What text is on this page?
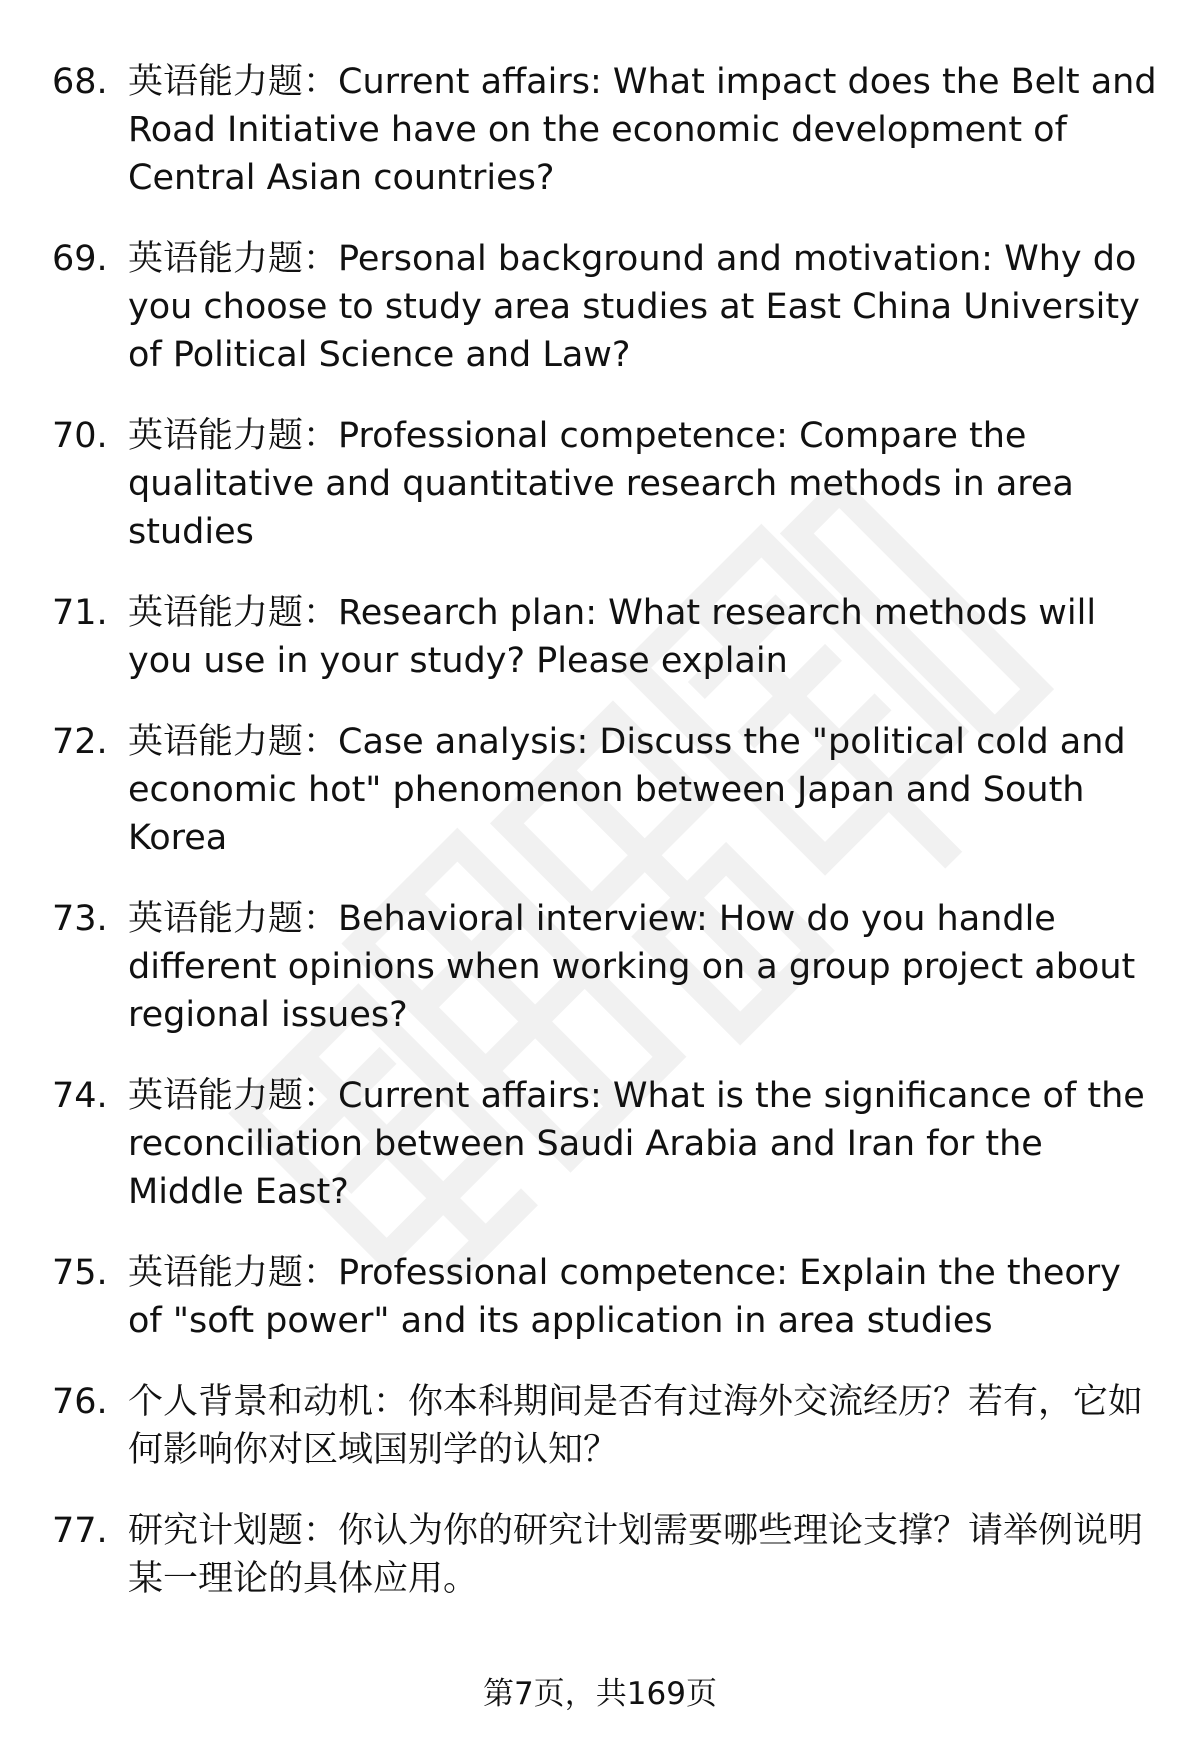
68. 英语能力题：Current affairs: What impact does the Belt and Road Initiative have on the economic development of Central Asian countries?
69. 英语能力题：Personal background and motivation: Why do you choose to study area studies at East China University of Political Science and Law?
70. 英语能力题：Professional competence: Compare the qualitative and quantitative research methods in area studies
71. 英语能力题：Research plan: What research methods will you use in your study? Please explain
72. 英语能力题：Case analysis: Discuss the "political cold and economic hot" phenomenon between Japan and South Korea
73. 英语能力题：Behavioral interview: How do you handle different opinions when working on a group project about regional issues?
74. 英语能力题：Current affairs: What is the significance of the reconciliation between Saudi Arabia and Iran for the Middle East?
75. 英语能力题：Professional competence: Explain the theory of "soft power" and its application in area studies
76. 个人背景和动机：你本科期间是否有过海外交流经历？若有，它如何影响你对区域国别学的认知？
77. 研究计划题：你认为你的研究计划需要哪些理论支撑？请举例说明某一理论的具体应用。
第7页，共169页
